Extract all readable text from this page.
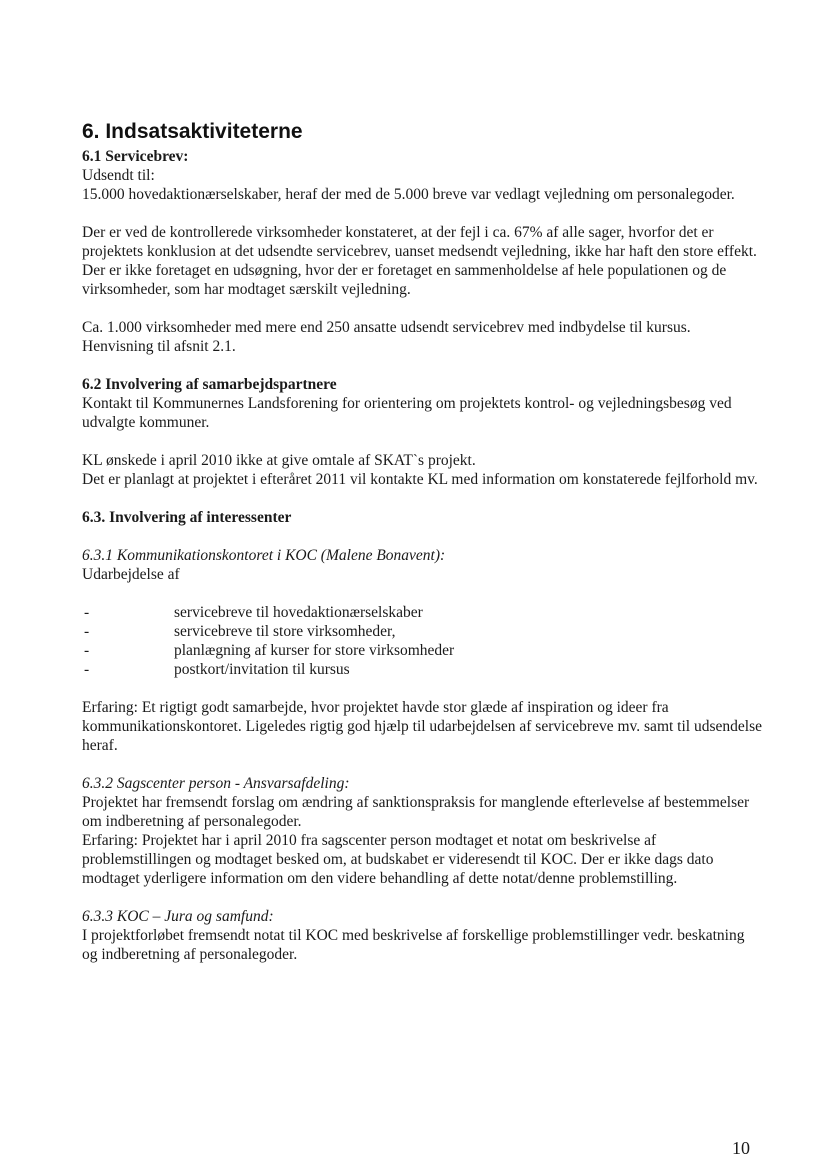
6. Indsatsaktiviteterne
6.1 Servicebrev:

Udsendt til:

15.000 hovedaktionærselskaber, heraf der med de 5.000 breve var vedlagt vejledning om personalegoder.

Der er ved de kontrollerede virksomheder konstateret, at der fejl i ca. 67% af alle sager, hvorfor det er projektets konklusion at det udsendte servicebrev, uanset medsendt vejledning, ikke har haft den store effekt. Der er ikke foretaget en udsøgning, hvor der er foretaget en sammenholdelse af hele populationen og de virksomheder, som har modtaget særskilt vejledning.

Ca. 1.000 virksomheder med mere end 250 ansatte udsendt servicebrev med indbydelse til kursus. Henvisning til afsnit 2.1.

6.2 Involvering af samarbejdspartnere

Kontakt til Kommunernes Landsforening for orientering om projektets kontrol- og vejledningsbesøg ved udvalgte kommuner.

KL ønskede i april 2010 ikke at give omtale af SKAT`s projekt.

Det er planlagt at projektet i efteråret 2011 vil kontakte KL med information om konstaterede fejlforhold mv.

6.3. Involvering af interessenter
6.3.1 Kommunikationskontoret i KOC (Malene Bonavent):

Udarbejdelse af

-	servicebreve til hovedaktionærselskaber
-	servicebreve til store virksomheder,
-	planlægning af kurser for store virksomheder
-	postkort/invitation til kursus

Erfaring: Et rigtigt godt samarbejde, hvor projektet havde stor glæde af inspiration og ideer fra kommunikationskontoret. Ligeledes rigtig god hjælp til udarbejdelsen af servicebreve mv. samt til udsendelse heraf.

6.3.2 Sagscenter person - Ansvarsafdeling:

Projektet har fremsendt forslag om ændring af sanktionspraksis for manglende efterlevelse af bestemmelser om indberetning af personalegoder.

Erfaring: Projektet har i april 2010 fra sagscenter person modtaget et notat om beskrivelse af problemstillingen og modtaget besked om, at budskabet er videresendt til KOC. Der er ikke dags dato modtaget yderligere information om den videre behandling af dette notat/denne problemstilling.

6.3.3 KOC – Jura og samfund:

I projektforløbet fremsendt notat til KOC med beskrivelse af forskellige problemstillinger vedr. beskatning og indberetning af personalegoder.

10
